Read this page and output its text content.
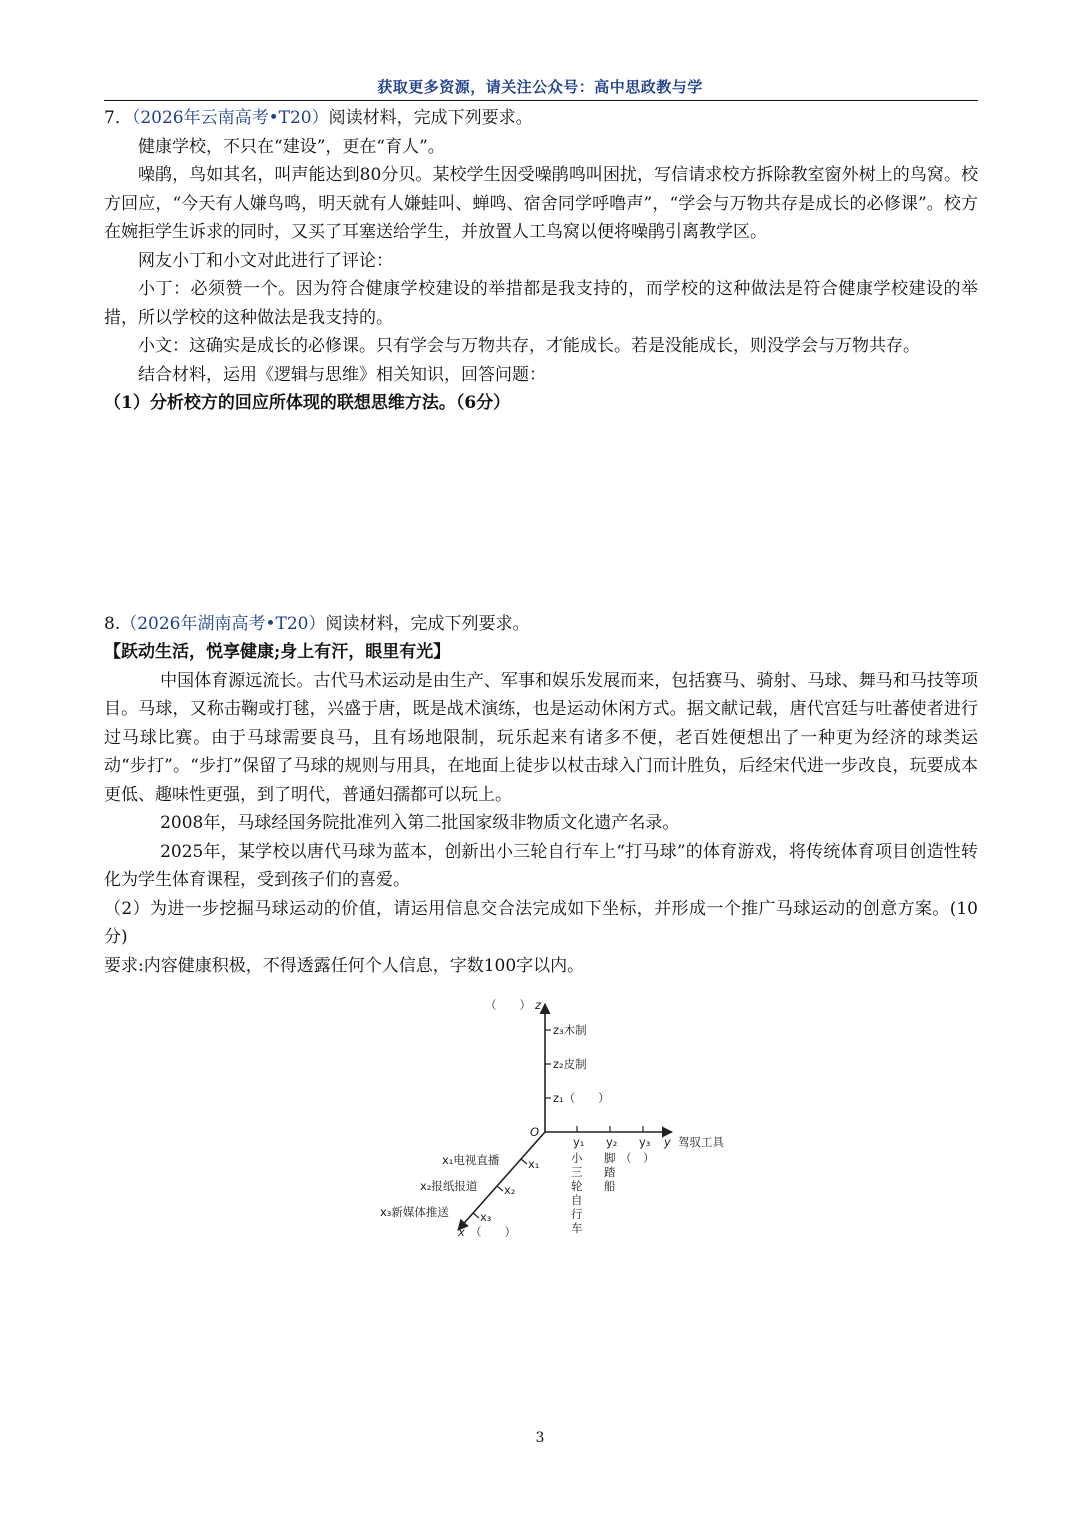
获取更多资源，请关注公众号：高中思政教与学

7．（2026年云南高考•T20）阅读材料，完成下列要求。

健康学校，不只在“建设”，更在“育人”。

噪鹃，鸟如其名，叫声能达到80分贝。某校学生因受噪鹃鸣叫困扰，写信请求校方拆除教室窗外树上的鸟窝。校方回应，“今天有人嫌鸟鸣，明天就有人嫌蛙叫、蝉鸣、宿舍同学呼噜声”，“学会与万物共存是成长的必修课”。校方在婉拒学生诉求的同时，又买了耳塞送给学生，并放置人工鸟窝以便将噪鹃引离教学区。

网友小丁和小文对此进行了评论：

小丁：必须赞一个。因为符合健康学校建设的举措都是我支持的，而学校的这种做法是符合健康学校建设的举措，所以学校的这种做法是我支持的。

小文：这确实是成长的必修课。只有学会与万物共存，才能成长。若是没能成长，则没学会与万物共存。

结合材料，运用《逻辑与思维》相关知识，回答问题：

（1）分析校方的回应所体现的联想思维方法。（6分）

8.（2026年湖南高考•T20）阅读材料，完成下列要求。

【跃动生活，悦享健康;身上有汗，眼里有光】

中国体育源远流长。古代马术运动是由生产、军事和娱乐发展而来，包括赛马、骑射、马球、舞马和马技等项目。马球，又称击鞠或打毬，兴盛于唐，既是战术演练，也是运动休闲方式。据文献记载，唐代宫廷与吐蕃使者进行过马球比赛。由于马球需要良马，且有场地限制，玩乐起来有诸多不便，老百姓便想出了一种更为经济的球类运动“步打”。“步打”保留了马球的规则与用具，在地面上徒步以杖击球入门而计胜负，后经宋代进一步改良，玩要成本更低、趣味性更强，到了明代，普通妇孺都可以玩上。

2008年，马球经国务院批准列入第二批国家级非物质文化遗产名录。

2025年，某学校以唐代马球为蓝本，创新出小三轮自行车上“打马球”的体育游戏，将传统体育项目创造性转化为学生体育课程，受到孩子们的喜爱。

（2）为进一步挖掘马球运动的价值，请运用信息交合法完成如下坐标，并形成一个推广马球运动的创意方案。(10分)

要求:内容健康积极，不得透露任何个人信息，字数100字以内。

（　　） z
z₃木制
z₂皮制
z₁（　　）
O
y₁ y₂ y₃ y 驾驭工具
小三轮自行车
脚踏船
x₁
x₂
x₃
x₁电视直播
x₂报纸报道
x₃新媒体推送
x （　　）
（　）
3
